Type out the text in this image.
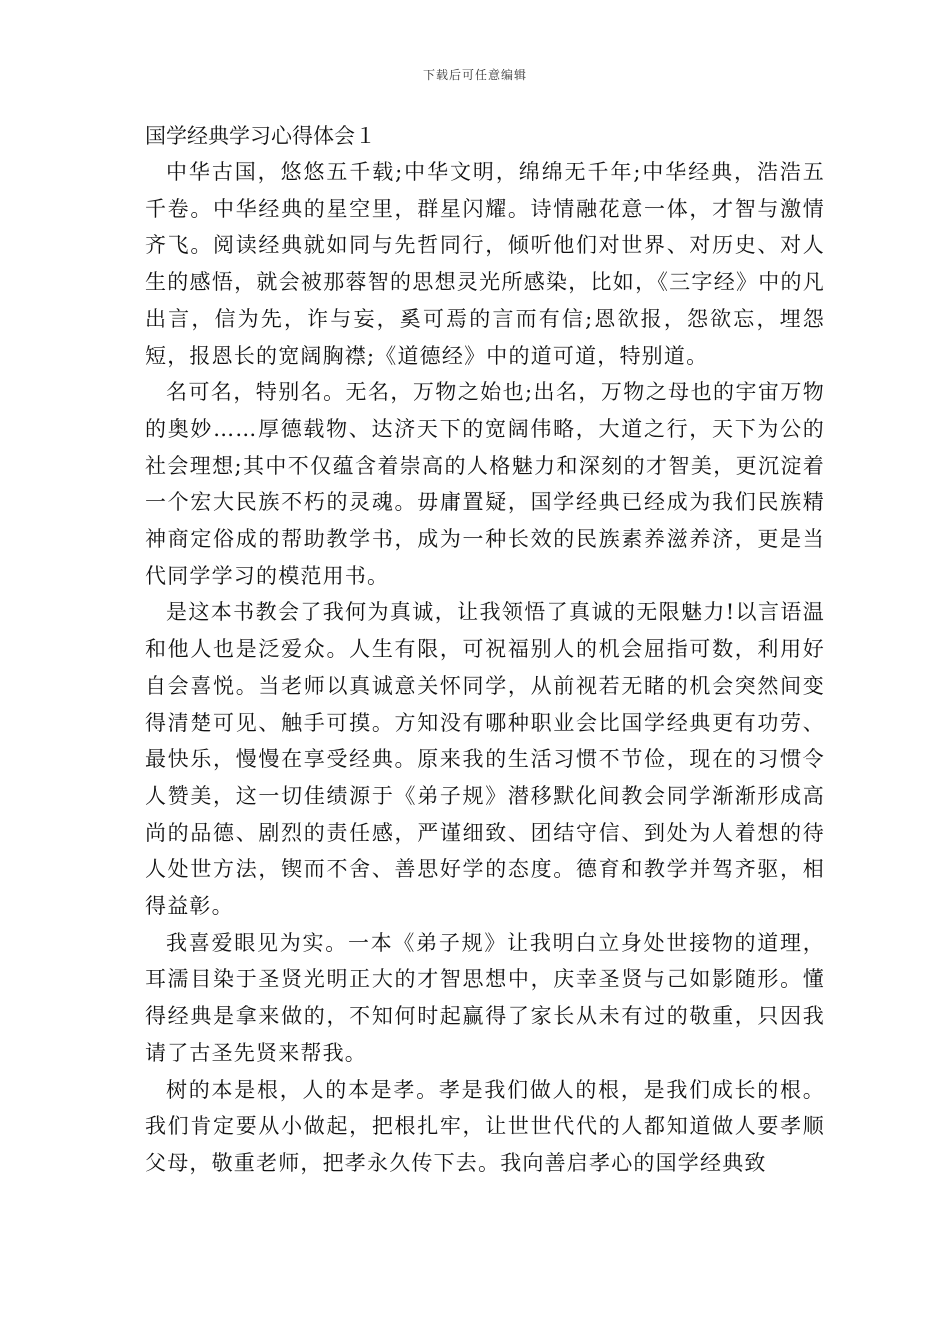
下载后可任意编辑
国学经典学习心得体会１

中华古国，悠悠五千载;中华文明，绵绵无千年;中华经典，浩浩五千卷。中华经典的星空里，群星闪耀。诗情融花意一体，才智与激情齐飞。阅读经典就如同与先哲同行，倾听他们对世界、对历史、对人生的感悟，就会被那蓉智的思想灵光所感染，比如，《三字经》中的凡出言，信为先，诈与妄，奚可焉的言而有信;恩欲报，怨欲忘，埋怨短，报恩长的宽阔胸襟;《道德经》中的道可道，特别道。

名可名，特别名。无名，万物之始也;出名，万物之母也的宇宙万物的奥妙……厚德载物、达济天下的宽阔伟略，大道之行，天下为公的社会理想;其中不仅蕴含着崇高的人格魅力和深刻的才智美，更沉淀着一个宏大民族不朽的灵魂。毋庸置疑，国学经典已经成为我们民族精神商定俗成的帮助教学书，成为一种长效的民族素养滋养济，更是当代同学学习的模范用书。

是这本书教会了我何为真诚，让我领悟了真诚的无限魅力!以言语温和他人也是泛爱众。人生有限，可祝福别人的机会屈指可数，利用好自会喜悦。当老师以真诚意关怀同学，从前视若无睹的机会突然间变得清楚可见、触手可摸。方知没有哪种职业会比国学经典更有功劳、最快乐，慢慢在享受经典。原来我的生活习惯不节俭，现在的习惯令人赞美，这一切佳绩源于《弟子规》潜移默化间教会同学渐渐形成高尚的品德、剧烈的责任感，严谨细致、团结守信、到处为人着想的待人处世方法，锲而不舍、善思好学的态度。德育和教学并驾齐驱，相得益彰。

我喜爱眼见为实。一本《弟子规》让我明白立身处世接物的道理，耳濡目染于圣贤光明正大的才智思想中，庆幸圣贤与己如影随形。懂得经典是拿来做的，不知何时起赢得了家长从未有过的敬重，只因我请了古圣先贤来帮我。

树的本是根，人的本是孝。孝是我们做人的根，是我们成长的根。我们肯定要从小做起，把根扎牢，让世世代代的人都知道做人要孝顺父母，敬重老师，把孝永久传下去。我向善启孝心的国学经典致
